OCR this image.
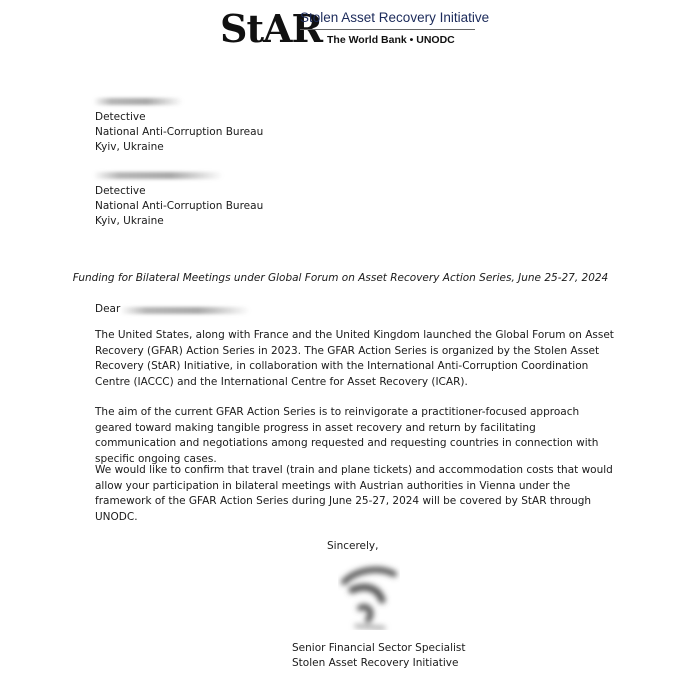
StAR
Stolen Asset Recovery Initiative
The World Bank • UNODC
Detective
National Anti-Corruption Bureau
Kyiv, Ukraine
Detective
National Anti-Corruption Bureau
Kyiv, Ukraine
Funding for Bilateral Meetings under Global Forum on Asset Recovery Action Series, June 25-27, 2024
Dear
The United States, along with France and the United Kingdom launched the Global Forum on Asset Recovery (GFAR) Action Series in 2023. The GFAR Action Series is organized by the Stolen Asset Recovery (StAR) Initiative, in collaboration with the International Anti-Corruption Coordination Centre (IACCC) and the International Centre for Asset Recovery (ICAR).
The aim of the current GFAR Action Series is to reinvigorate a practitioner-focused approach geared toward making tangible progress in asset recovery and return by facilitating communication and negotiations among requested and requesting countries in connection with specific ongoing cases.
We would like to confirm that travel (train and plane tickets) and accommodation costs that would allow your participation in bilateral meetings with Austrian authorities in Vienna under the framework of the GFAR Action Series during June 25-27, 2024 will be covered by StAR through UNODC.
Sincerely,
Senior Financial Sector Specialist
Stolen Asset Recovery Initiative
